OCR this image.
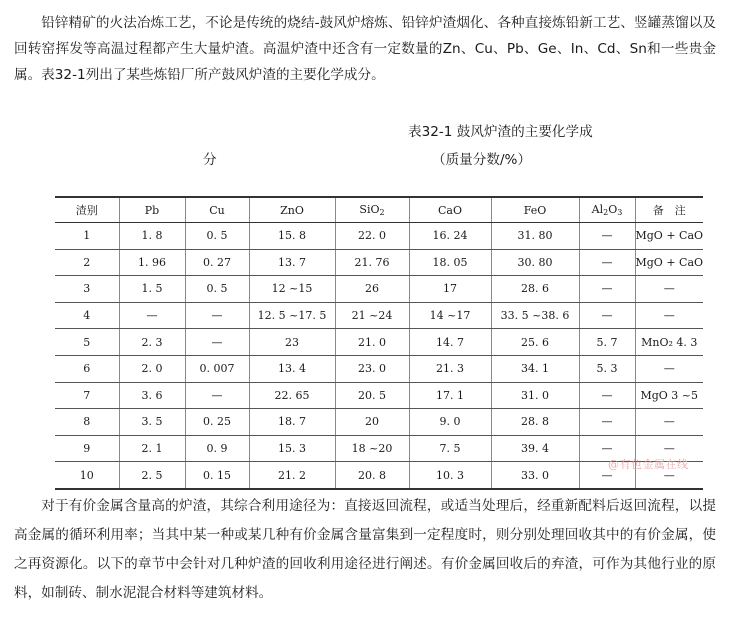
铅锌精矿的火法冶炼工艺，不论是传统的烧结-鼓风炉熔炼、铅锌炉渣烟化、各种直接炼铅新工艺、竖罐蒸馏以及回转窑挥发等高温过程都产生大量炉渣。高温炉渣中还含有一定数量的Zn、Cu、Pb、Ge、In、Cd、Sn和一些贵金属。表32-1列出了某些炼铅厂所产鼓风炉渣的主要化学成分。

表32-1 鼓风炉渣的主要化学成
分	（质量分数/%）
渣别	Pb	Cu	ZnO	SiO$_2$	CaO	FeO	$Al_2O_3$	备　注
1	1. 8	0. 5	15. 8	22. 0	16. 24	31. 80	—	MgO + CaO
2	1. 96	0. 27	13. 7	21. 76	18. 05	30. 80	—	MgO + CaO
3	1. 5	0. 5	12 ~15	26	17	28. 6	—	—
4	—	—	12. 5 ~17. 5	21 ~24	14 ~17	33. 5 ~38. 6	—	—
5	2. 3	—	23	21. 0	14. 7	25. 6	5. 7	MnO₂ 4. 3
6	2. 0	0. 007	13. 4	23. 0	21. 3	34. 1	5. 3	—
7	3. 6	—	22. 65	20. 5	17. 1	31. 0	—	MgO 3 ~5
8	3. 5	0. 25	18. 7	20	9. 0	28. 8	—	—
9	2. 1	0. 9	15. 3	18 ~20	7. 5	39. 4	—	—
10	2. 5	0. 15	21. 2	20. 8	10. 3	33. 0	—	—
@有色金属在线

对于有价金属含量高的炉渣，其综合利用途径为：直接返回流程，或适当处理后，经重新配料后返回流程，以提高金属的循环利用率；当其中某一种或某几种有价金属含量富集到一定程度时，则分别处理回收其中的有价金属，使之再资源化。以下的章节中会针对几种炉渣的回收利用途径进行阐述。有价金属回收后的弃渣，可作为其他行业的原料，如制砖、制水泥混合材料等建筑材料。
